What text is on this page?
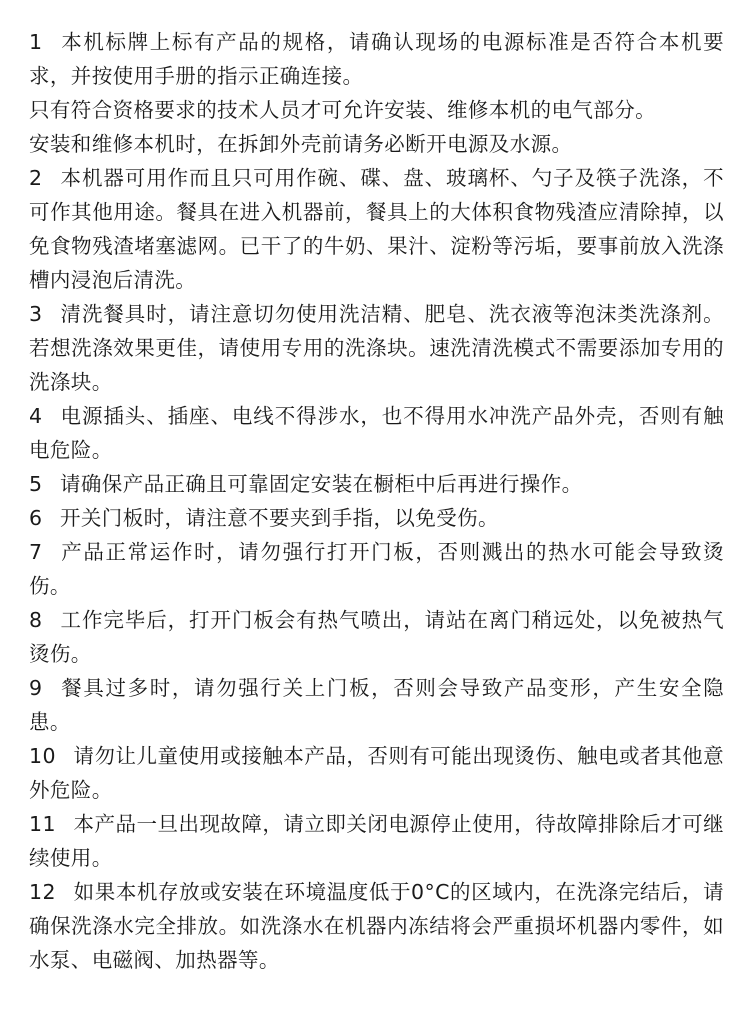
1  本机标牌上标有产品的规格，请确认现场的电源标准是否符合本机要求，并按使用手册的指示正确连接。

只有符合资格要求的技术人员才可允许安装、维修本机的电气部分。

安装和维修本机时，在拆卸外壳前请务必断开电源及水源。

2  本机器可用作而且只可用作碗、碟、盘、玻璃杯、勺子及筷子洗涤，不可作其他用途。餐具在进入机器前，餐具上的大体积食物残渣应清除掉，以免食物残渣堵塞滤网。已干了的牛奶、果汁、淀粉等污垢，要事前放入洗涤槽内浸泡后清洗。

3  清洗餐具时，请注意切勿使用洗洁精、肥皂、洗衣液等泡沫类洗涤剂。若想洗涤效果更佳，请使用专用的洗涤块。速洗清洗模式不需要添加专用的洗涤块。

4  电源插头、插座、电线不得涉水，也不得用水冲洗产品外壳，否则有触电危险。

5  请确保产品正确且可靠固定安装在橱柜中后再进行操作。

6  开关门板时，请注意不要夹到手指，以免受伤。

7  产品正常运作时，请勿强行打开门板，否则溅出的热水可能会导致烫伤。

8  工作完毕后，打开门板会有热气喷出，请站在离门稍远处，以免被热气烫伤。

9  餐具过多时，请勿强行关上门板，否则会导致产品变形，产生安全隐患。

10  请勿让儿童使用或接触本产品，否则有可能出现烫伤、触电或者其他意外危险。

11  本产品一旦出现故障，请立即关闭电源停止使用，待故障排除后才可继续使用。

12  如果本机存放或安装在环境温度低于0°C的区域内，在洗涤完结后，请确保洗涤水完全排放。如洗涤水在机器内冻结将会严重损坏机器内零件，如水泵、电磁阀、加热器等。
